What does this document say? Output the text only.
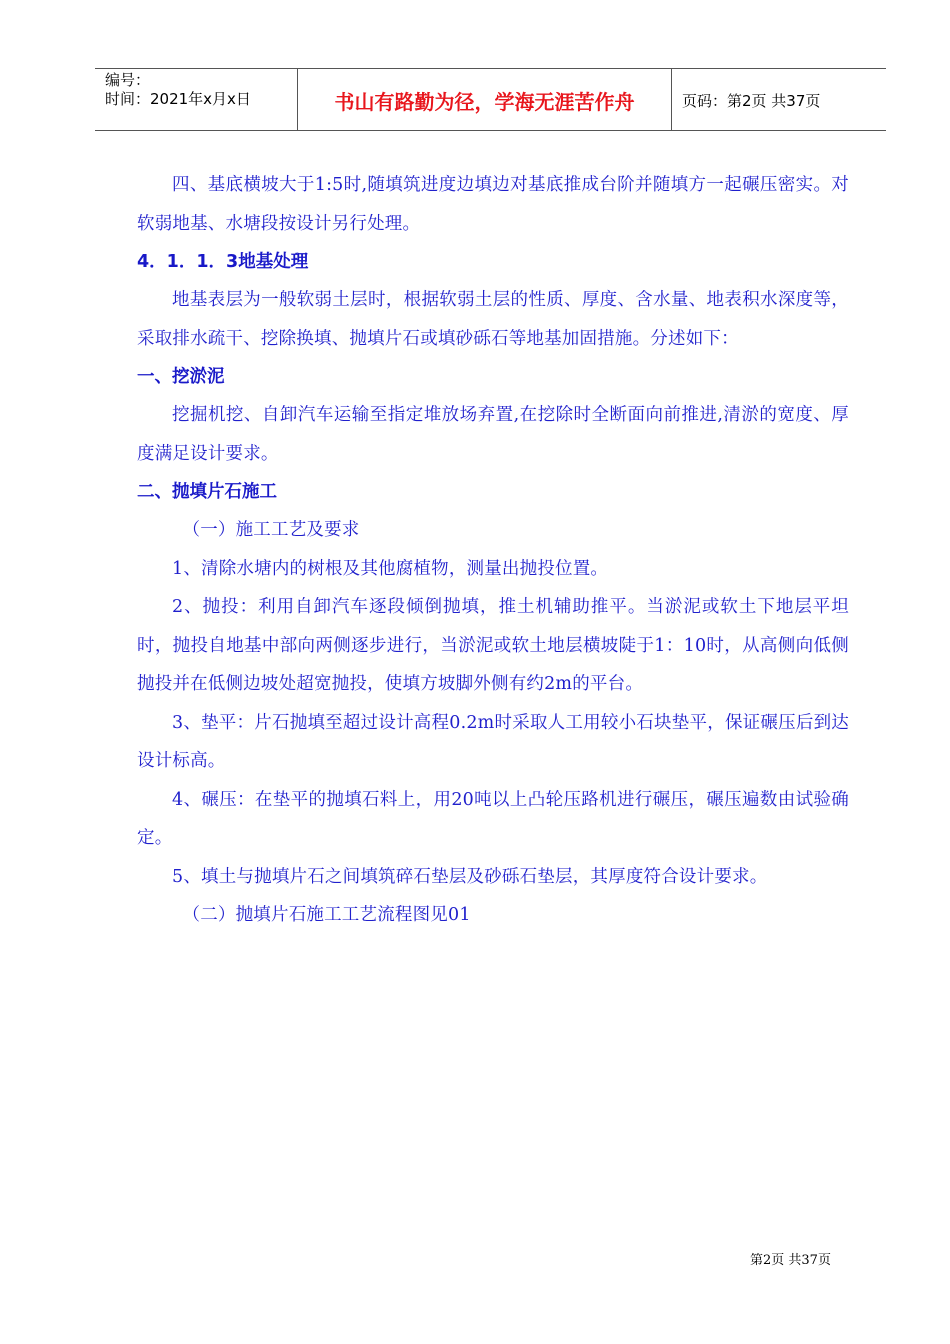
编号：
时间：2021年x月x日	书山有路勤为径，学海无涯苦作舟	页码：第2页 共37页

四、基底横坡大于1:5时,随填筑进度边填边对基底推成台阶并随填方一起碾压密实。对软弱地基、水塘段按设计另行处理。

4．1．1．3地基处理

地基表层为一般软弱土层时，根据软弱土层的性质、厚度、含水量、地表积水深度等，采取排水疏干、挖除换填、抛填片石或填砂砾石等地基加固措施。分述如下：

一、挖淤泥

挖掘机挖、自卸汽车运输至指定堆放场弃置,在挖除时全断面向前推进,清淤的宽度、厚度满足设计要求。

二、抛填片石施工

（一）施工工艺及要求

1、清除水塘内的树根及其他腐植物，测量出抛投位置。

2、抛投：利用自卸汽车逐段倾倒抛填，推土机辅助推平。当淤泥或软土下地层平坦时，抛投自地基中部向两侧逐步进行，当淤泥或软土地层横坡陡于1：10时，从高侧向低侧抛投并在低侧边坡处超宽抛投，使填方坡脚外侧有约2m的平台。

3、垫平：片石抛填至超过设计高程0.2m时采取人工用较小石块垫平，保证碾压后到达设计标高。

4、碾压：在垫平的抛填石料上，用20吨以上凸轮压路机进行碾压，碾压遍数由试验确定。

5、填土与抛填片石之间填筑碎石垫层及砂砾石垫层，其厚度符合设计要求。

（二）抛填片石施工工艺流程图见01

第2页 共37页
